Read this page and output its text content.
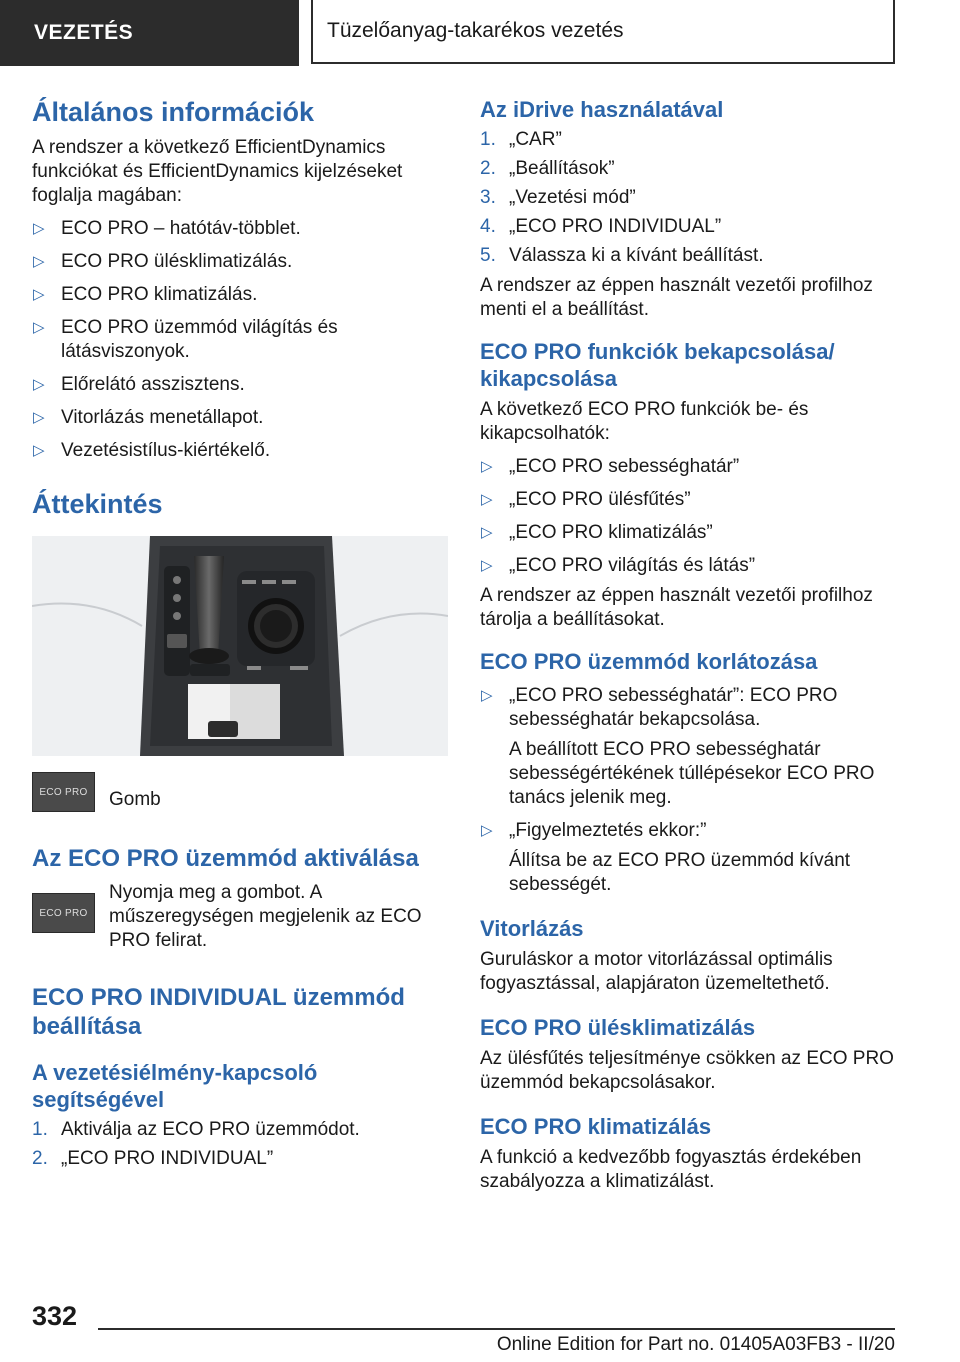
VEZETÉS	Tüzelőanyag-takarékos vezetés
Általános információk

A rendszer a következő EfficientDynamics funkciókat és EfficientDynamics kijelzéseket foglalja magában:

▷ ECO PRO – hatótáv-többlet.
▷ ECO PRO ülésklimatizálás.
▷ ECO PRO klimatizálás.
▷ ECO PRO üzemmód világítás és látásviszonyok.
▷ Előrelátó asszisztens.
▷ Vitorlázás menetállapot.
▷ Vezetésistílus-kiértékelő.
Áttekintés
ECO PRO	Gomb

Az ECO PRO üzemmód aktiválása
ECO PRO

Nyomja meg a gombot. A műszeregységen megjelenik az ECO PRO felirat.

ECO PRO INDIVIDUAL üzemmód beállítása
A vezetésiélmény-kapcsoló segítségével
1. Aktiválja az ECO PRO üzemmódot.
2. „ECO PRO INDIVIDUAL”
Az iDrive használatával
1. „CAR”
2. „Beállítások”
3. „Vezetési mód”
4. „ECO PRO INDIVIDUAL”
5. Válassza ki a kívánt beállítást.

A rendszer az éppen használt vezetői profilhoz menti el a beállítást.

ECO PRO funkciók bekapcsolása/ kikapcsolása

A következő ECO PRO funkciók be- és kikapcsolhatók:

▷ „ECO PRO sebességhatár”
▷ „ECO PRO ülésfűtés”
▷ „ECO PRO klimatizálás”
▷ „ECO PRO világítás és látás”

A rendszer az éppen használt vezetői profilhoz tárolja a beállításokat.

ECO PRO üzemmód korlátozása
▷ „ECO PRO sebességhatár”: ECO PRO sebességhatár bekapcsolása.

A beállított ECO PRO sebességhatár sebességértékének túllépésekor ECO PRO tanács jelenik meg.

▷ „Figyelmeztetés ekkor:”

Állítsa be az ECO PRO üzemmód kívánt sebességét.

Vitorlázás

Guruláskor a motor vitorlázással optimális fogyasztással, alapjáraton üzemeltethető.

ECO PRO ülésklimatizálás

Az ülésfűtés teljesítménye csökken az ECO PRO üzemmód bekapcsolásakor.

ECO PRO klimatizálás

A funkció a kedvezőbb fogyasztás érdekében szabályozza a klimatizálást.

332
Online Edition for Part no. 01405A03FB3 - II/20
